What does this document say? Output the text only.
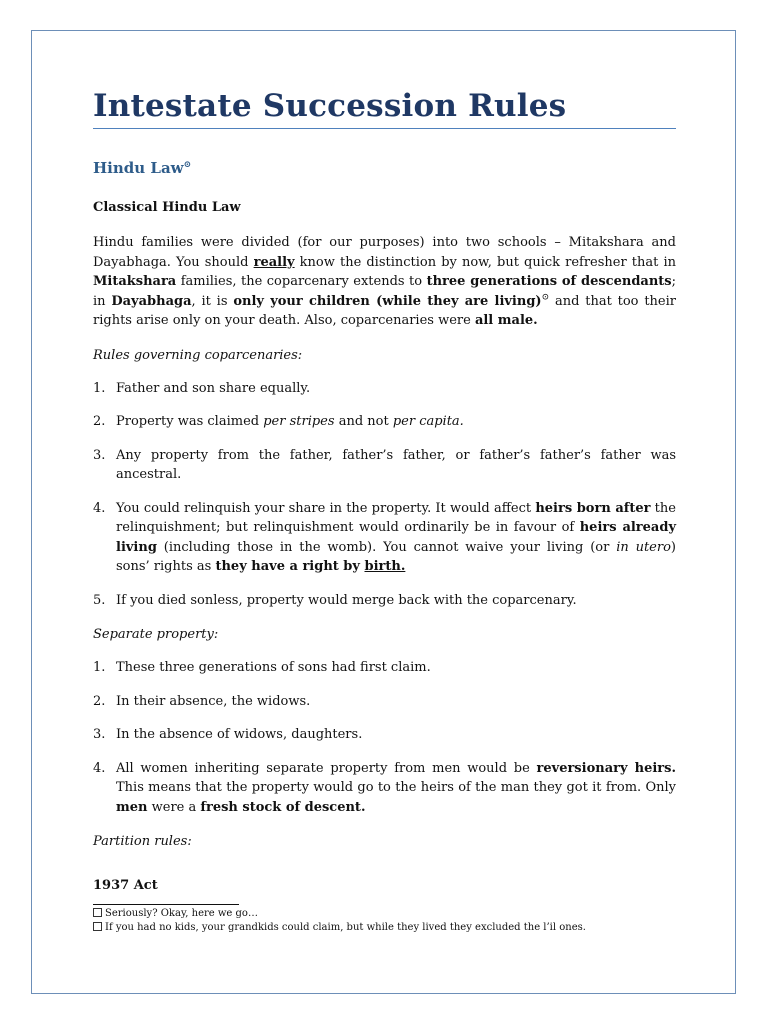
Intestate Succession Rules
Hindu Law⊙
Classical Hindu Law

Hindu families were divided (for our purposes) into two schools – Mitakshara and Dayabhaga. You should really know the distinction by now, but quick refresher that in Mitakshara families, the coparcenary extends to three generations of descendants; in Dayabhaga, it is only your children (while they are living)⊙ and that too their rights arise only on your death. Also, coparcenaries were all male.

Rules governing coparcenaries:

1. Father and son share equally.
2. Property was claimed per stripes and not per capita.
3. Any property from the father, father’s father, or father’s father’s father was ancestral.
4. You could relinquish your share in the property. It would affect heirs born after the relinquishment; but relinquishment would ordinarily be in favour of heirs already living (including those in the womb). You cannot waive your living (or in utero) sons’ rights as they have a right by birth.
5. If you died sonless, property would merge back with the coparcenary.

Separate property:

1. These three generations of sons had first claim.
2. In their absence, the widows.
3. In the absence of widows, daughters.
4. All women inheriting separate property from men would be reversionary heirs. This means that the property would go to the heirs of the man they got it from. Only men were a fresh stock of descent.

Partition rules:

1937 Act
Seriously? Okay, here we go…
If you had no kids, your grandkids could claim, but while they lived they excluded the l’il ones.
